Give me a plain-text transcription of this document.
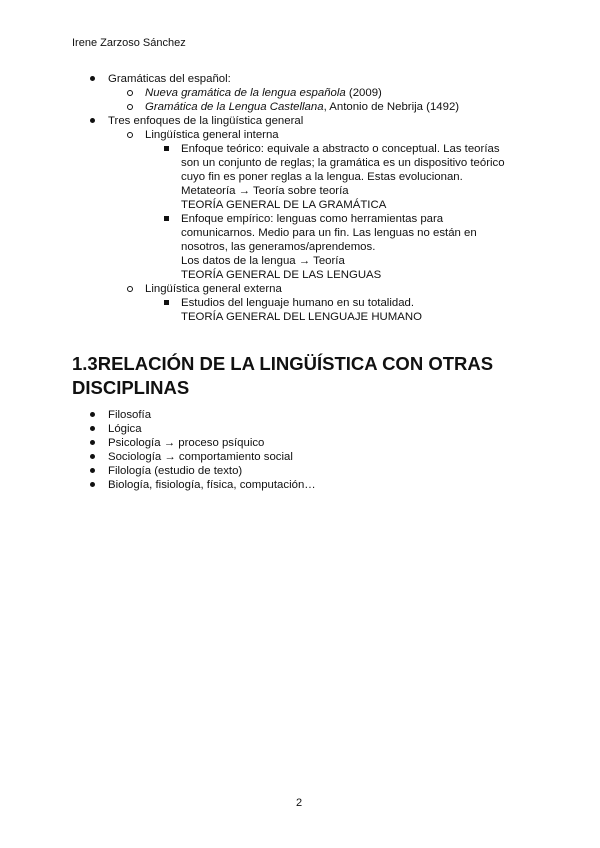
Irene Zarzoso Sánchez
Gramáticas del español:
Nueva gramática de la lengua española (2009)
Gramática de la Lengua Castellana, Antonio de Nebrija (1492)
Tres enfoques de la lingüística general
Lingüística general interna
Enfoque teórico: equivale a abstracto o conceptual. Las teorías
son un conjunto de reglas; la gramática es un dispositivo teórico
cuyo fin es poner reglas a la lengua. Estas evolucionan.
Metateoría → Teoría sobre teoría
TEORÍA GENERAL DE LA GRAMÁTICA
Enfoque empírico: lenguas como herramientas para
comunicarnos. Medio para un fin. Las lenguas no están en
nosotros, las generamos/aprendemos.
Los datos de la lengua → Teoría
TEORÍA GENERAL DE LAS LENGUAS
Lingüística general externa
Estudios del lenguaje humano en su totalidad.
TEORÍA GENERAL DEL LENGUAJE HUMANO
1.3RELACIÓN DE LA LINGÜÍSTICA CON OTRAS
DISCIPLINAS
Filosofía
Lógica
Psicología → proceso psíquico
Sociología → comportamiento social
Filología (estudio de texto)
Biología, fisiología, física, computación…
2
